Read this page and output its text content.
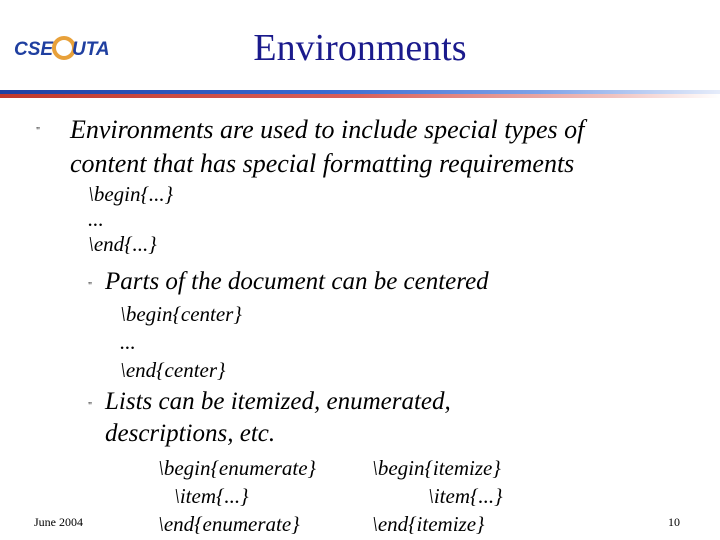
CSE UTA	Environments
" Environments are used to include special types of
content that has special formatting requirements
\begin{...}
...
\end{...}
" Parts of the document can be centered
\begin{center}
...
\end{center}
" Lists can be itemized, enumerated,
descriptions, etc.
\begin{enumerate}
\item{...}
\end{enumerate}
\begin{itemize}
\item{...}
\end{itemize}
June 2004	10
